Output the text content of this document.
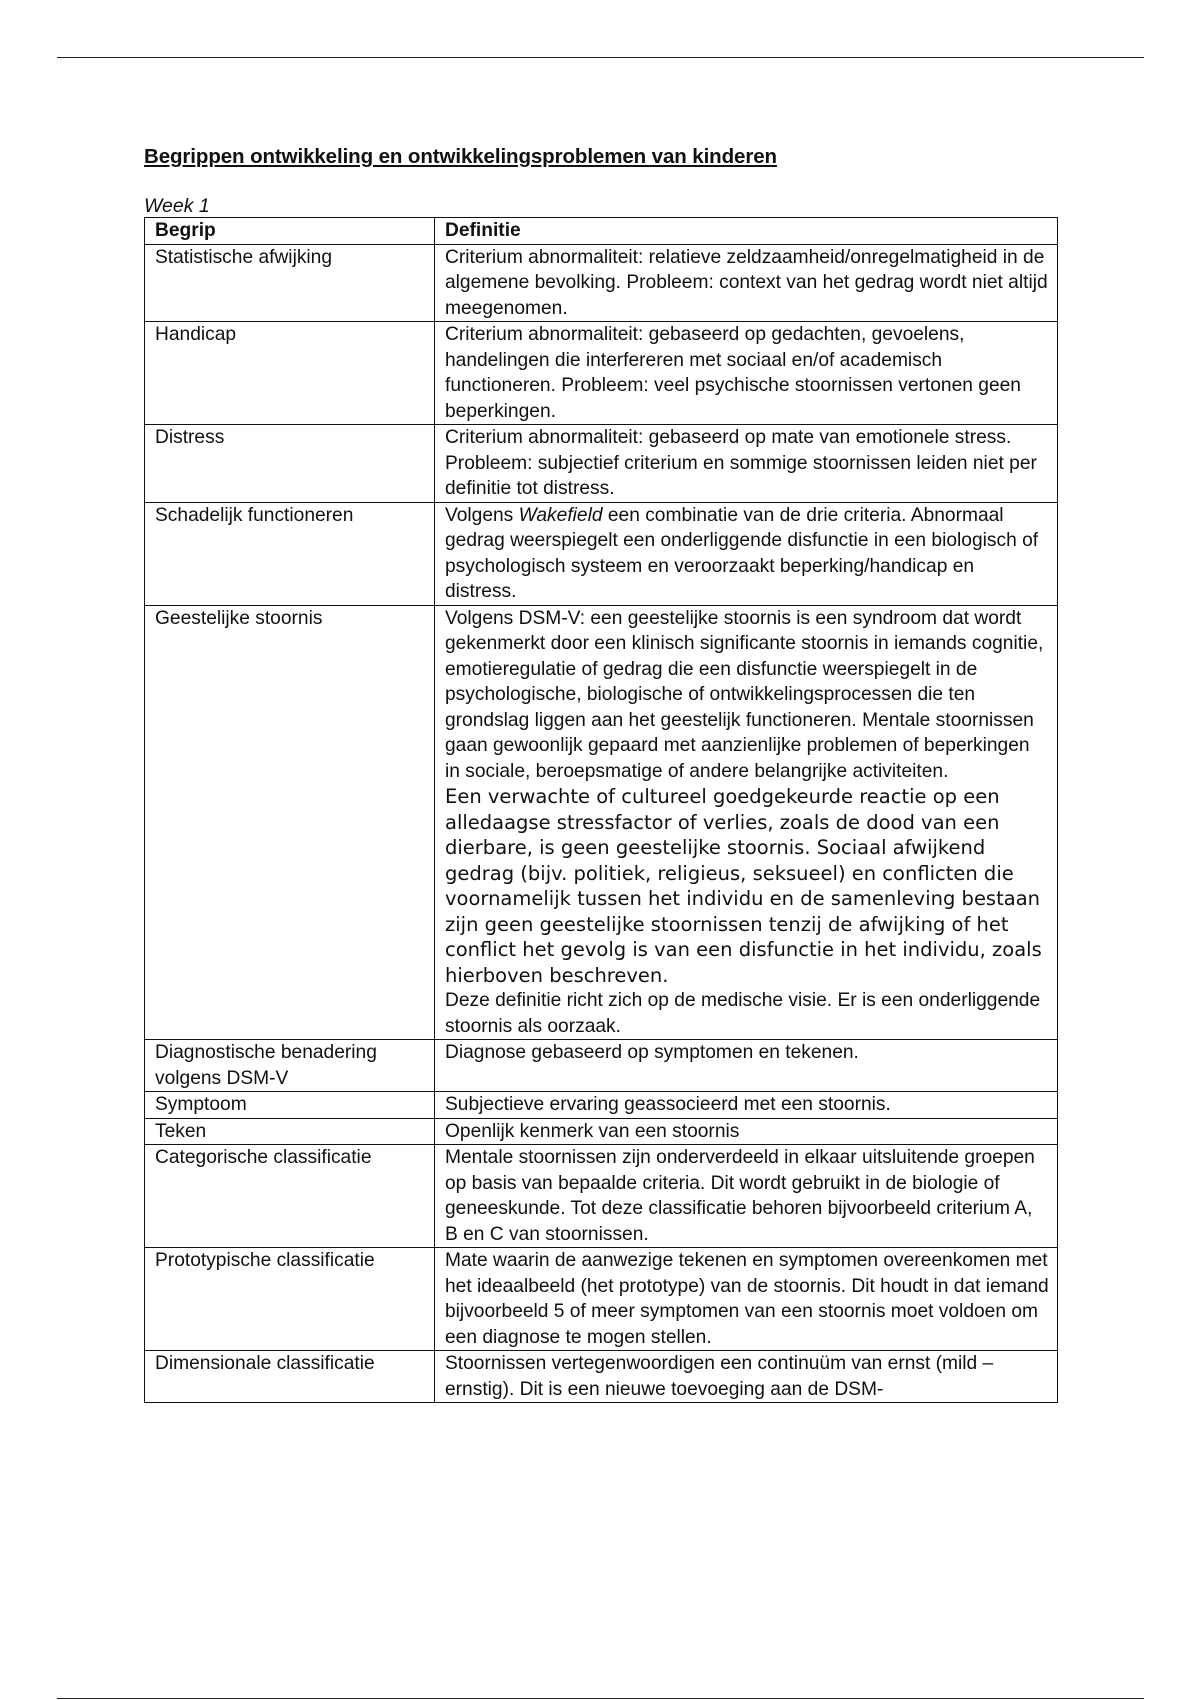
Begrippen ontwikkeling en ontwikkelingsproblemen van kinderen
Week 1
Begrip	Definitie
Statistische afwijking	Criterium abnormaliteit: relatieve zeldzaamheid/onregelmatigheid in de algemene bevolking. Probleem: context van het gedrag wordt niet altijd meegenomen.
Handicap	Criterium abnormaliteit: gebaseerd op gedachten, gevoelens, handelingen die interfereren met sociaal en/of academisch functioneren. Probleem: veel psychische stoornissen vertonen geen beperkingen.
Distress	Criterium abnormaliteit: gebaseerd op mate van emotionele stress. Probleem: subjectief criterium en sommige stoornissen leiden niet per definitie tot distress.
Schadelijk functioneren	Volgens Wakefield een combinatie van de drie criteria. Abnormaal gedrag weerspiegelt een onderliggende disfunctie in een biologisch of psychologisch systeem en veroorzaakt beperking/handicap en distress.
Geestelijke stoornis	Volgens DSM-V: een geestelijke stoornis is een syndroom dat wordt gekenmerkt door een klinisch significante stoornis in iemands cognitie, emotieregulatie of gedrag die een disfunctie weerspiegelt in de psychologische, biologische of ontwikkelingsprocessen die ten grondslag liggen aan het geestelijk functioneren. Mentale stoornissen gaan gewoonlijk gepaard met aanzienlijke problemen of beperkingen in sociale, beroepsmatige of andere belangrijke activiteiten.
Een verwachte of cultureel goedgekeurde reactie op een alledaagse stressfactor of verlies, zoals de dood van een dierbare, is geen geestelijke stoornis. Sociaal afwijkend gedrag (bijv. politiek, religieus, seksueel) en conflicten die voornamelijk tussen het individu en de samenleving bestaan zijn geen geestelijke stoornissen tenzij de afwijking of het conflict het gevolg is van een disfunctie in het individu, zoals hierboven beschreven.
Deze definitie richt zich op de medische visie. Er is een onderliggende stoornis als oorzaak.

Diagnostische benadering volgens DSM-V	Diagnose gebaseerd op symptomen en tekenen.
Symptoom	Subjectieve ervaring geassocieerd met een stoornis.
Teken	Openlijk kenmerk van een stoornis
Categorische classificatie	Mentale stoornissen zijn onderverdeeld in elkaar uitsluitende groepen op basis van bepaalde criteria. Dit wordt gebruikt in de biologie of geneeskunde. Tot deze classificatie behoren bijvoorbeeld criterium A, B en C van stoornissen.
Prototypische classificatie	Mate waarin de aanwezige tekenen en symptomen overeenkomen met het ideaalbeeld (het prototype) van de stoornis. Dit houdt in dat iemand bijvoorbeeld 5 of meer symptomen van een stoornis moet voldoen om een diagnose te mogen stellen.
Dimensionale classificatie	Stoornissen vertegenwoordigen een continuüm van ernst (mild – ernstig). Dit is een nieuwe toevoeging aan de DSM-
